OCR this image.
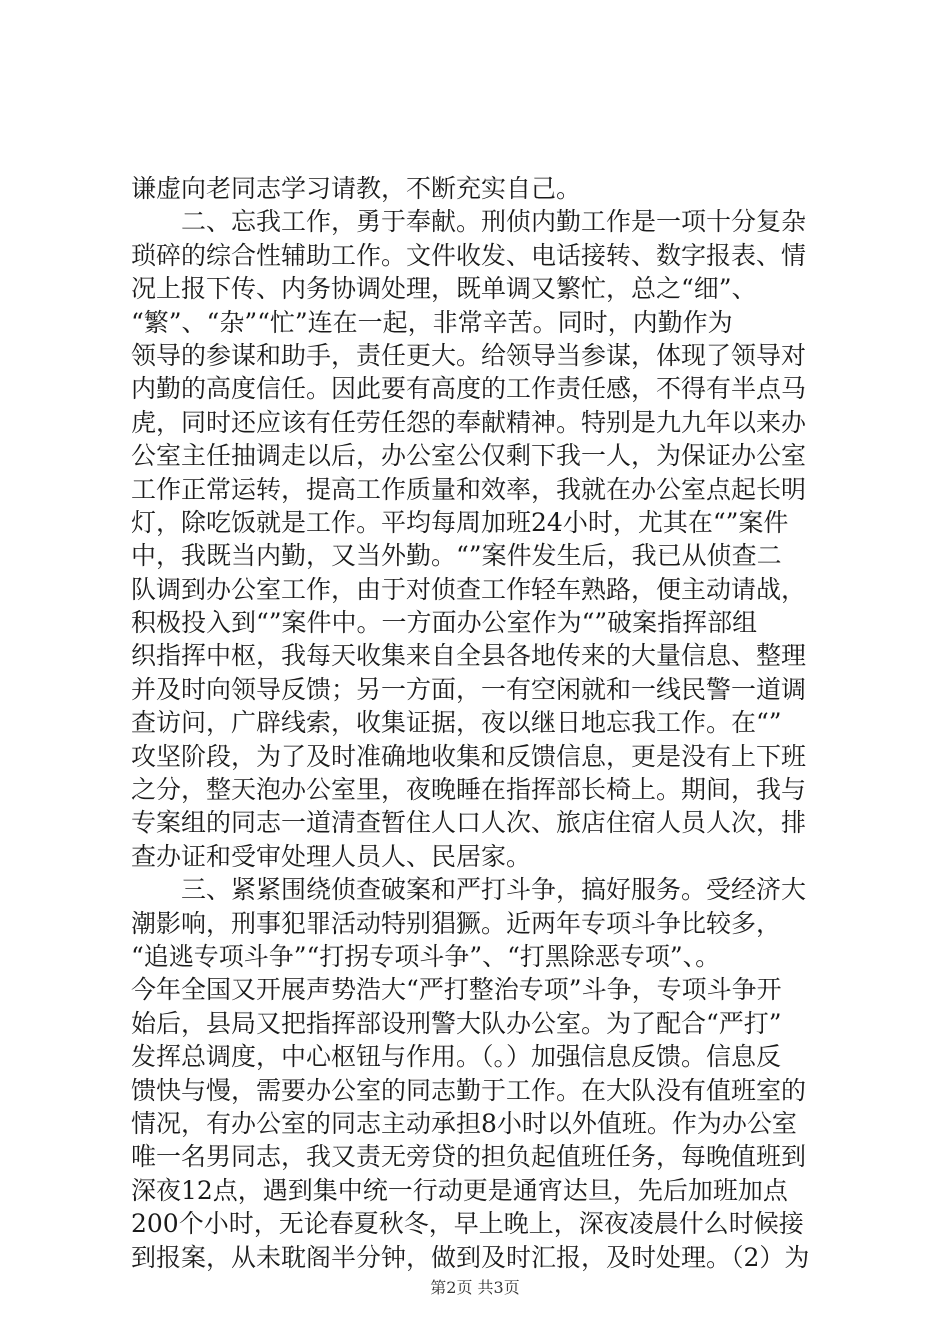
谦虚向老同志学习请教，不断充实自己。
二、忘我工作，勇于奉献。刑侦内勤工作是一项十分复杂
琐碎的综合性辅助工作。文件收发、电话接转、数字报表、情
况上报下传、内务协调处理，既单调又繁忙，总之“细”、
“繁”、“杂”“忙”连在一起，非常辛苦。同时，内勤作为
领导的参谋和助手，责任更大。给领导当参谋，体现了领导对
内勤的高度信任。因此要有高度的工作责任感，不得有半点马
虎，同时还应该有任劳任怨的奉献精神。特别是九九年以来办
公室主任抽调走以后，办公室公仅剩下我一人，为保证办公室
工作正常运转，提高工作质量和效率，我就在办公室点起长明
灯，除吃饭就是工作。平均每周加班24小时，尤其在“”案件
中，我既当内勤，又当外勤。“”案件发生后，我已从侦查二
队调到办公室工作，由于对侦查工作轻车熟路，便主动请战，
积极投入到“”案件中。一方面办公室作为“”破案指挥部组
织指挥中枢，我每天收集来自全县各地传来的大量信息、整理
并及时向领导反馈；另一方面，一有空闲就和一线民警一道调
查访问，广辟线索，收集证据，夜以继日地忘我工作。在“”
攻坚阶段，为了及时准确地收集和反馈信息，更是没有上下班
之分，整天泡办公室里，夜晚睡在指挥部长椅上。期间，我与
专案组的同志一道清查暂住人口人次、旅店住宿人员人次，排
查办证和受审处理人员人、民居家。
三、紧紧围绕侦查破案和严打斗争，搞好服务。受经济大
潮影响，刑事犯罪活动特别猖獗。近两年专项斗争比较多，
“追逃专项斗争”“打拐专项斗争”、“打黑除恶专项”、。
今年全国又开展声势浩大“严打整治专项”斗争，专项斗争开
始后，县局又把指挥部设刑警大队办公室。为了配合“严打”
发挥总调度，中心枢钮与作用。（。）加强信息反馈。信息反
馈快与慢，需要办公室的同志勤于工作。在大队没有值班室的
情况，有办公室的同志主动承担8小时以外值班。作为办公室
唯一名男同志，我又责无旁贷的担负起值班任务，每晚值班到
深夜12点，遇到集中统一行动更是通宵达旦，先后加班加点
200个小时，无论春夏秋冬，早上晚上，深夜凌晨什么时候接
到报案，从未耽阁半分钟，做到及时汇报，及时处理。（2）为
第2页 共3页
